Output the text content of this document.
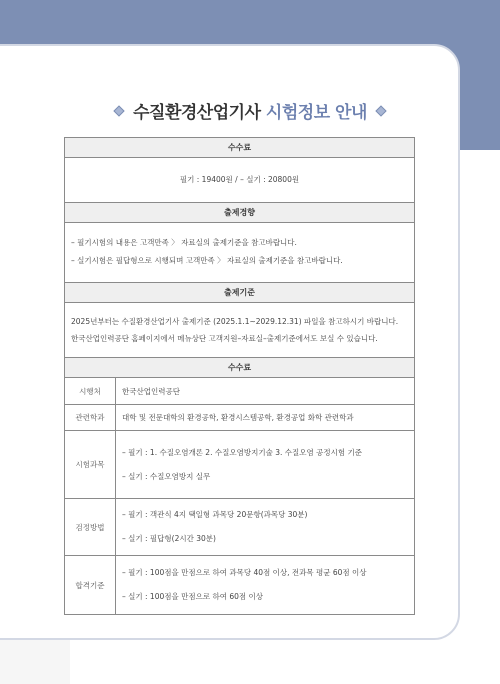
수질환경산업기사 시험정보 안내
수수료
필기 : 19400원 / – 실기 : 20800원
출제경향
– 필기시험의 내용은 고객만족 〉 자료실의 출제기준을 참고바랍니다.
– 실기시험은 필답형으로 시행되며 고객만족 〉 자료실의 출제기준을 참고바랍니다.
출제기준
2025년부터는 수질환경산업기사 출제기준 (2025.1.1~2029.12.31) 파일을 참고하시기 바랍니다.
한국산업인력공단 홈페이지에서 메뉴상단 고객지원–자료실–출제기준에서도 보실 수 있습니다.
수수료
시행처	한국산업인력공단
관련학과	대학 및 전문대학의 환경공학, 환경시스템공학, 환경공업 화학 관련학과
시험과목
– 필기 : 1. 수질오염개론 2. 수질오염방지기술 3. 수질오염 공정시험 기준
– 실기 : 수질오염방지 실무
검정방법
– 필기 : 객관식 4지 택일형 과목당 20문항(과목당 30분)
– 실기 : 필답형(2시간 30분)
합격기준
– 필기 : 100점을 만점으로 하여 과목당 40점 이상, 전과목 평균 60점 이상
– 실기 : 100점을 만점으로 하여 60점 이상
